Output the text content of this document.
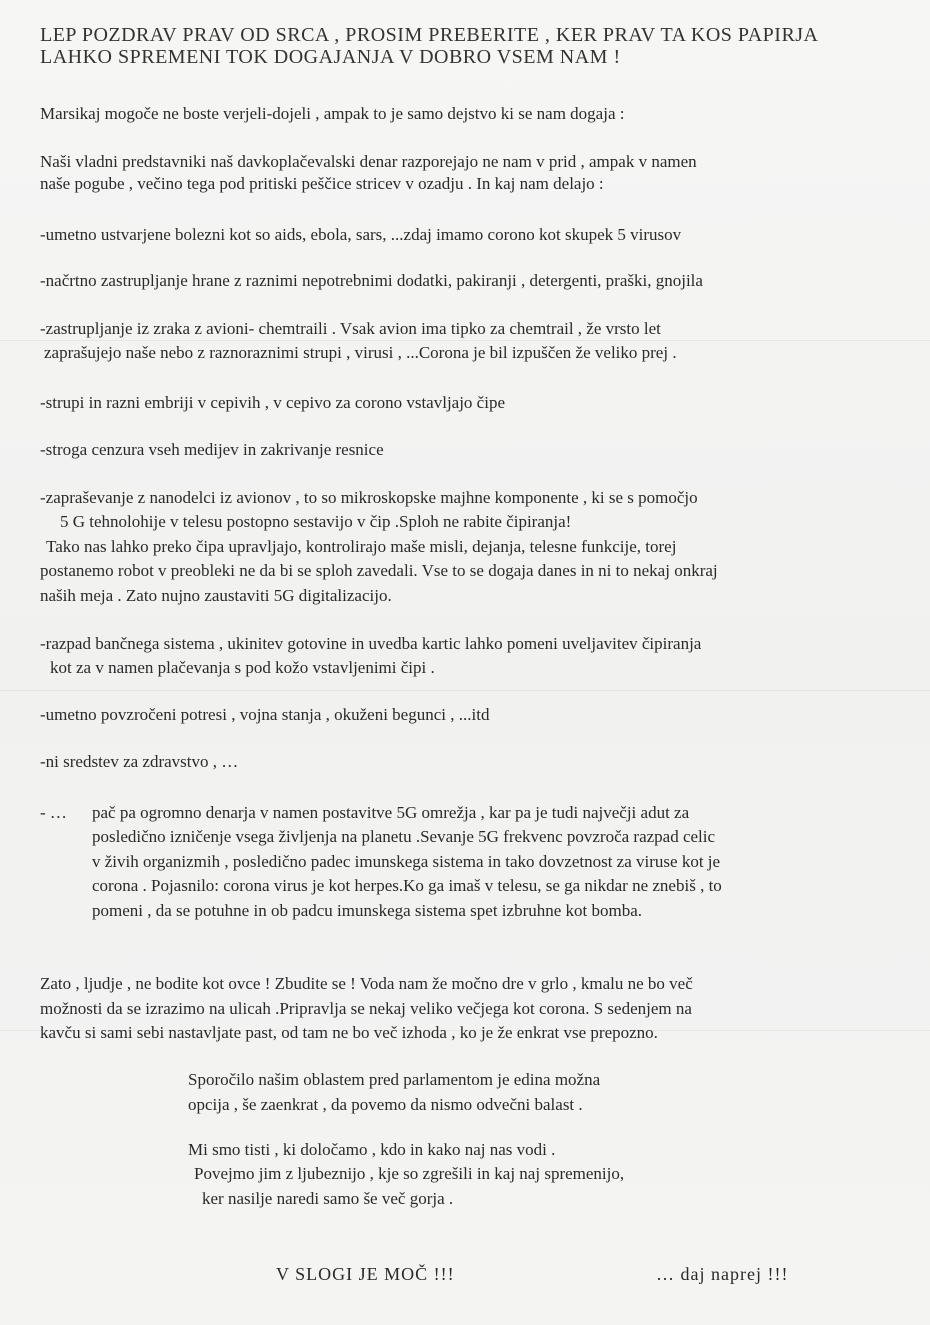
LEP POZDRAV PRAV OD SRCA , PROSIM PREBERITE , KER PRAV TA KOS PAPIRJA
LAHKO SPREMENI TOK DOGAJANJA V DOBRO VSEM NAM !
Marsikaj mogoče ne boste verjeli-dojeli , ampak to je samo dejstvo ki se nam dogaja :
Naši vladni predstavniki naš davkoplačevalski denar razporejajo ne nam v prid , ampak v namen
naše pogube , večino tega pod pritiski peščice stricev v ozadju . In kaj nam delajo :
-umetno ustvarjene bolezni kot so aids, ebola, sars, ...zdaj imamo corono kot skupek 5 virusov
-načrtno zastrupljanje hrane z raznimi nepotrebnimi dodatki, pakiranji , detergenti, praški, gnojila
-zastrupljanje iz zraka z avioni- chemtraili . Vsak avion ima tipko za chemtrail , že vrsto let
zaprašujejo naše nebo z raznoraznimi strupi , virusi , ...Corona je bil izpuščen že veliko prej .
-strupi in razni embriji v cepivih , v cepivo za corono vstavljajo čipe
-stroga cenzura vseh medijev in zakrivanje resnice
-zapraševanje z nanodelci iz avionov , to so mikroskopske majhne komponente , ki se s pomočjo
5 G tehnolohije v telesu postopno sestavijo v čip .Sploh ne rabite čipiranja!
Tako nas lahko preko čipa upravljajo, kontrolirajo maše misli, dejanja, telesne funkcije, torej
postanemo robot v preobleki ne da bi se sploh zavedali. Vse to se dogaja danes in ni to nekaj onkraj
naših meja . Zato nujno zaustaviti 5G digitalizacijo.
-razpad bančnega sistema , ukinitev gotovine in uvedba kartic lahko pomeni uveljavitev čipiranja
kot za v namen plačevanja s pod kožo vstavljenimi čipi .
-umetno povzročeni potresi , vojna stanja , okuženi begunci , ...itd
-ni sredstev za zdravstvo , …
- … pač pa ogromno denarja v namen postavitve 5G omrežja , kar pa je tudi največji adut za
posledično izničenje vsega življenja na planetu .Sevanje 5G frekvenc povzroča razpad celic
v živih organizmih , posledično padec imunskega sistema in tako dovzetnost za viruse kot je
corona . Pojasnilo: corona virus je kot herpes.Ko ga imaš v telesu, se ga nikdar ne znebiš , to
pomeni , da se potuhne in ob padcu imunskega sistema spet izbruhne kot bomba.
Zato , ljudje , ne bodite kot ovce ! Zbudite se ! Voda nam že močno dre v grlo , kmalu ne bo več
možnosti da se izrazimo na ulicah .Pripravlja se nekaj veliko večjega kot corona. S sedenjem na
kavču si sami sebi nastavljate past, od tam ne bo več izhoda , ko je že enkrat vse prepozno.
Sporočilo našim oblastem pred parlamentom je edina možna
opcija , še zaenkrat , da povemo da nismo odvečni balast .
Mi smo tisti , ki določamo , kdo in kako naj nas vodi .
Povejmo jim z ljubeznijo , kje so zgrešili in kaj naj spremenijo,
ker nasilje naredi samo še več gorja .
V SLOGI JE MOČ !!!	… daj naprej !!!
